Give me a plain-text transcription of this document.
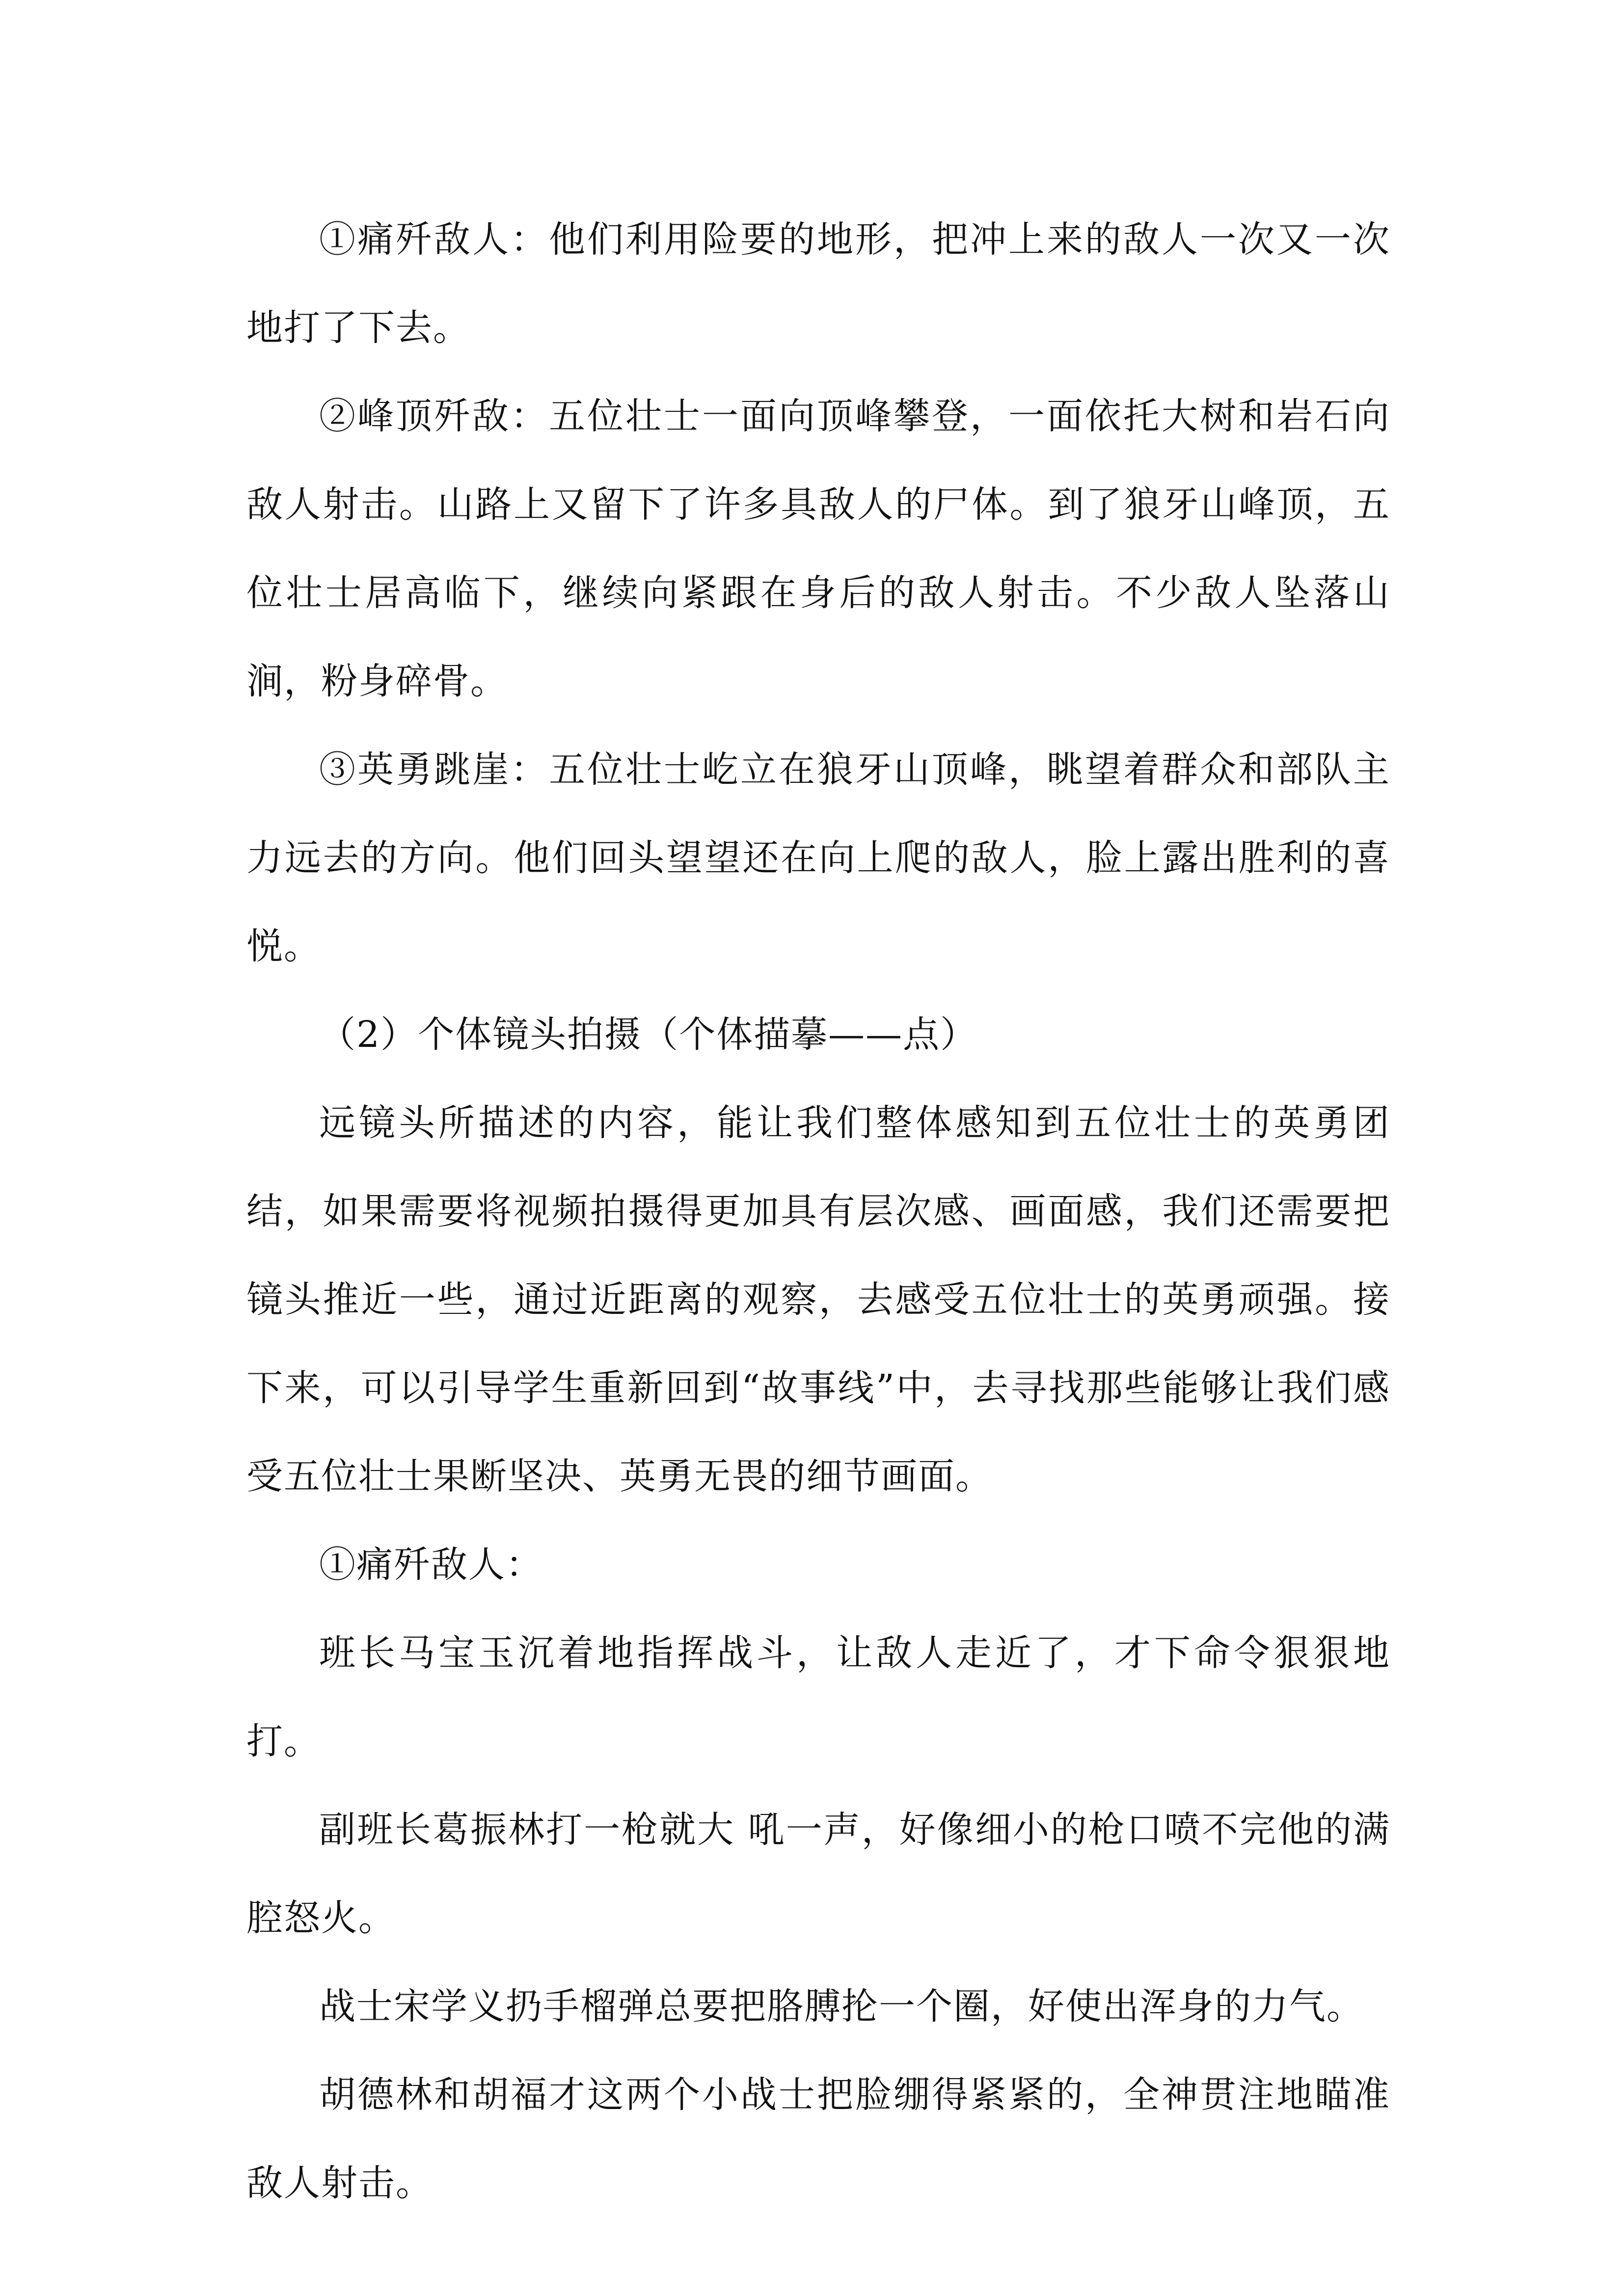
①痛歼敌人：他们利用险要的地形，把冲上来的敌人一次又一次地打了下去。

②峰顶歼敌：五位壮士一面向顶峰攀登，一面依托大树和岩石向敌人射击。山路上又留下了许多具敌人的尸体。到了狼牙山峰顶，五位壮士居高临下，继续向紧跟在身后的敌人射击。不少敌人坠落山涧，粉身碎骨。

③英勇跳崖：五位壮士屹立在狼牙山顶峰，眺望着群众和部队主力远去的方向。他们回头望望还在向上爬的敌人，脸上露出胜利的喜悦。

（2）个体镜头拍摄（个体描摹——点）

远镜头所描述的内容，能让我们整体感知到五位壮士的英勇团结，如果需要将视频拍摄得更加具有层次感、画面感，我们还需要把镜头推近一些，通过近距离的观察，去感受五位壮士的英勇顽强。接下来，可以引导学生重新回到“故事线”中，去寻找那些能够让我们感受五位壮士果断坚决、英勇无畏的细节画面。

①痛歼敌人：

班长马宝玉沉着地指挥战斗，让敌人走近了，才下命令狠狠地打。

副班长葛振林打一枪就大 吼一声，好像细小的枪口喷不完他的满腔怒火。

战士宋学义扔手榴弹总要把胳膊抡一个圈，好使出浑身的力气。

胡德林和胡福才这两个小战士把脸绷得紧紧的，全神贯注地瞄准敌人射击。
